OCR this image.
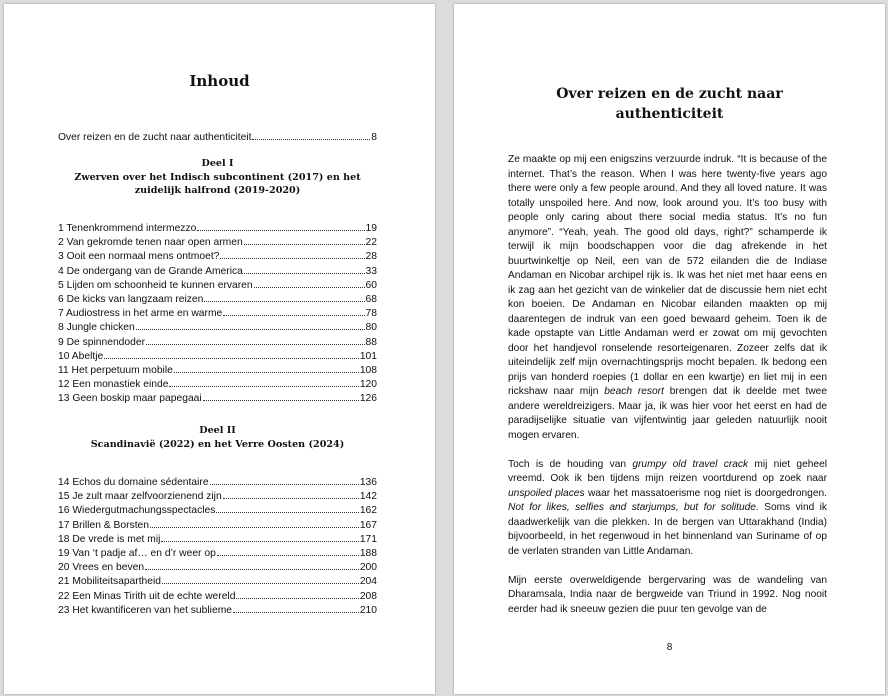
Inhoud
Over reizen en de zucht naar authenticiteit	8
Deel I
Zwerven over het Indisch subcontinent (2017) en het zuidelijk halfrond (2019-2020)
1 Tenenkrommend intermezzo	19
2 Van gekromde tenen naar open armen	22
3 Ooit een normaal mens ontmoet?	28
4 De ondergang van de Grande America	33
5 Lijden om schoonheid te kunnen ervaren	60
6 De kicks van langzaam reizen	68
7 Audiostress in het arme en warme	78
8 Jungle chicken	80
9 De spinnendoder	88
10 Abeltje	101
11 Het perpetuum mobile	108
12 Een monastiek einde	120
13 Geen boskip maar papegaai	126
Deel II
Scandinavië (2022) en het Verre Oosten (2024)
14 Echos du domaine sédentaire	136
15 Je zult maar zelfvoorzienend zijn	142
16 Wiedergutmachungsspectacles	162
17 Brillen & Borsten	167
18 De vrede is met mij	171
19 Van ‘t padje af… en d’r weer op	188
20 Vrees en beven	200
21 Mobiliteitsapartheid	204
22 Een Minas Tirith uit de echte wereld	208
23 Het kwantificeren van het sublieme	210
Over reizen en de zucht naar
authenticiteit

Ze maakte op mij een enigszins verzuurde indruk. “It is because of the internet. That’s the reason. When I was here twenty-five years ago there were only a few people around. And they all loved nature. It was totally unspoiled here. And now, look around you. It’s too busy with people only caring about there social media status. It’s no fun anymore”. “Yeah, yeah. The good old days, right?” schamperde ik terwijl ik mijn boodschappen voor die dag afrekende in het buurtwinkeltje op Neil, een van de 572 eilanden die de Indiase Andaman en Nicobar archipel rijk is. Ik was het niet met haar eens en ik zag aan het gezicht van de winkelier dat de discussie hem niet echt kon boeien. De Andaman en Nicobar eilanden maakten op mij daarentegen de indruk van een goed bewaard geheim. Toen ik de kade opstapte van Little Andaman werd er zowat om mij gevochten door het handjevol ronselende resorteigenaren. Zozeer zelfs dat ik uiteindelijk zelf mijn overnachtingsprijs mocht bepalen. Ik bedong een prijs van honderd roepies (1 dollar en een kwartje) en liet mij in een rickshaw naar mijn beach resort brengen dat ik deelde met twee andere wereldreizigers. Maar ja, ik was hier voor het eerst en had de paradijselijke situatie van vijfentwintig jaar geleden natuurlijk nooit mogen ervaren.

Toch is de houding van grumpy old travel crack mij niet geheel vreemd. Ook ik ben tijdens mijn reizen voortdurend op zoek naar unspoiled places waar het massatoerisme nog niet is doorgedrongen. Not for likes, selfies and starjumps, but for solitude. Soms vind ik daadwerkelijk van die plekken. In de bergen van Uttarakhand (India) bijvoorbeeld, in het regenwoud in het binnenland van Suriname of op de verlaten stranden van Little Andaman.

Mijn eerste overweldigende bergervaring was de wandeling van Dharamsala, India naar de bergweide van Triund in 1992. Nog nooit eerder had ik sneeuw gezien die puur ten gevolge van de

8
